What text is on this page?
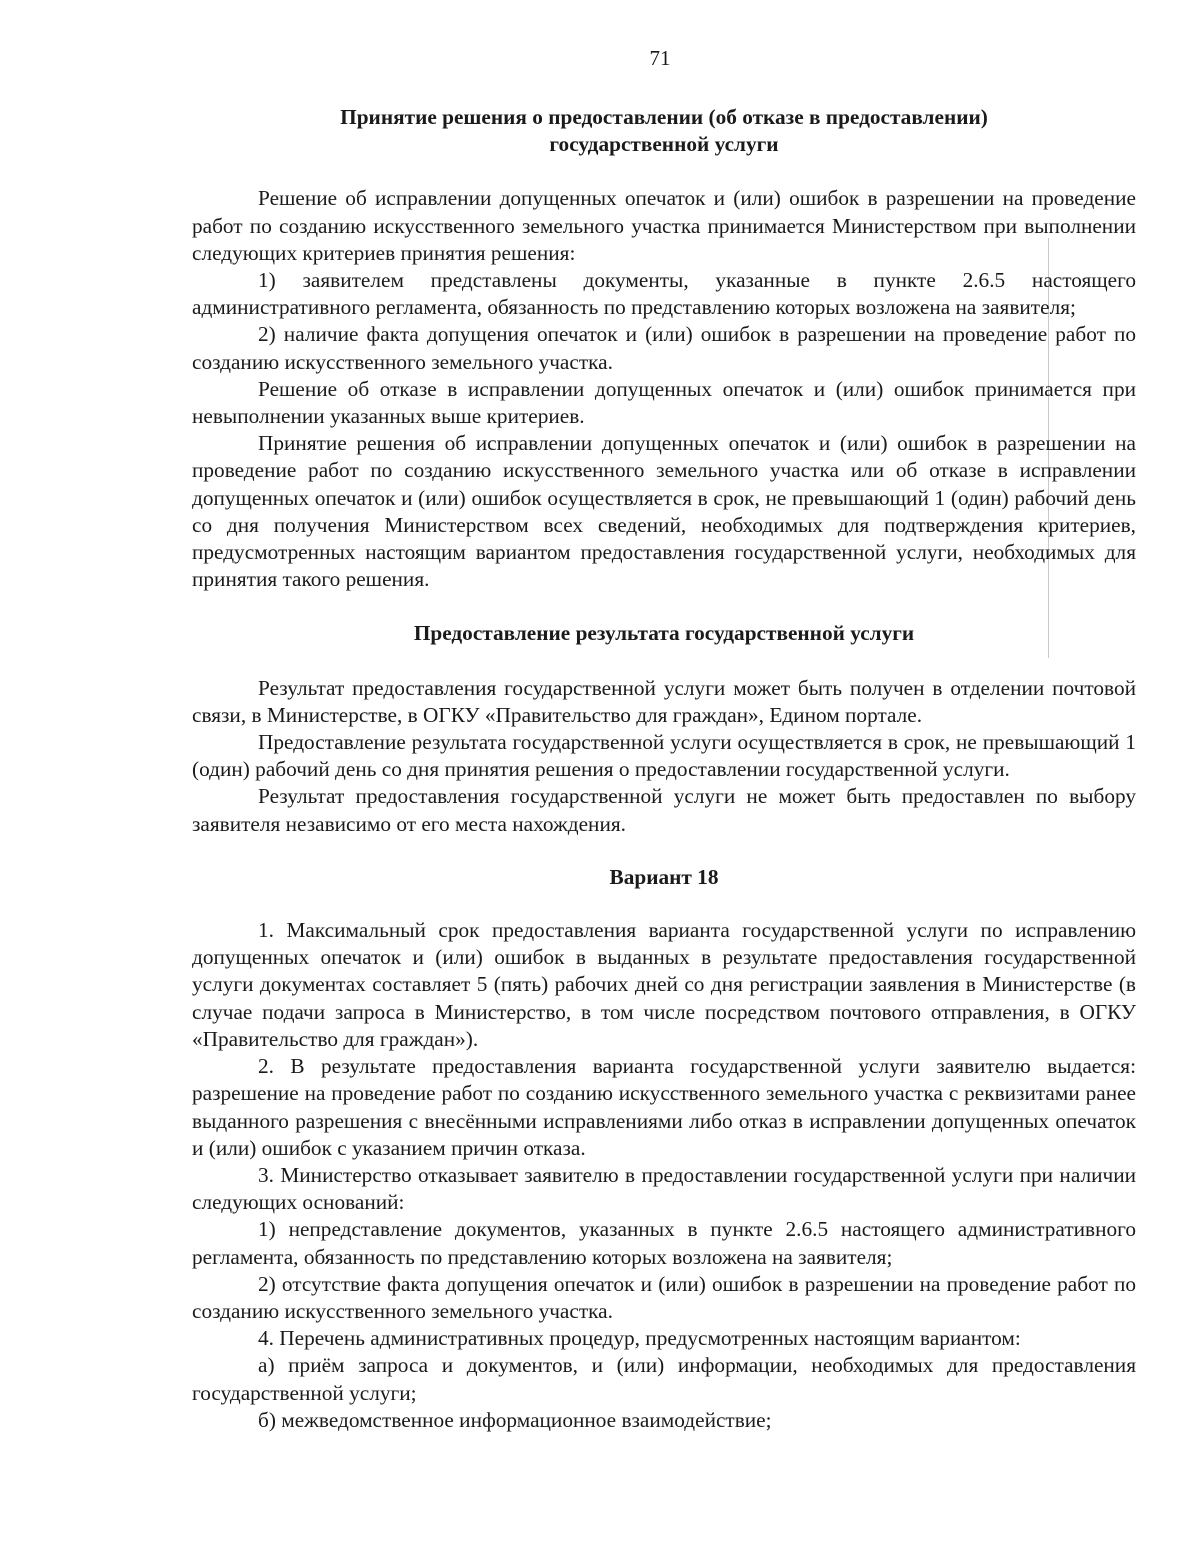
71

Принятие решения о предоставлении (об отказе в предоставлении)
государственной услуги

Решение об исправлении допущенных опечаток и (или) ошибок в разрешении на проведение работ по созданию искусственного земельного участка принимается Министерством при выполнении следующих критериев принятия решения:

1) заявителем представлены документы, указанные в пункте 2.6.5 настоящего административного регламента, обязанность по представлению которых возложена на заявителя;

2) наличие факта допущения опечаток и (или) ошибок в разрешении на проведение работ по созданию искусственного земельного участка.

Решение об отказе в исправлении допущенных опечаток и (или) ошибок принимается при невыполнении указанных выше критериев.

Принятие решения об исправлении допущенных опечаток и (или) ошибок в разрешении на проведение работ по созданию искусственного земельного участка или об отказе в исправлении допущенных опечаток и (или) ошибок осуществляется в срок, не превышающий 1 (один) рабочий день со дня получения Министерством всех сведений, необходимых для подтверждения критериев, предусмотренных настоящим вариантом предоставления государственной услуги, необходимых для принятия такого решения.

Предоставление результата государственной услуги

Результат предоставления государственной услуги может быть получен в отделении почтовой связи, в Министерстве, в ОГКУ «Правительство для граждан», Едином портале.

Предоставление результата государственной услуги осуществляется в срок, не превышающий 1 (один) рабочий день со дня принятия решения о предоставлении государственной услуги.

Результат предоставления государственной услуги не может быть предоставлен по выбору заявителя независимо от его места нахождения.

Вариант 18

1. Максимальный срок предоставления варианта государственной услуги по исправлению допущенных опечаток и (или) ошибок в выданных в результате предоставления государственной услуги документах составляет 5 (пять) рабочих дней со дня регистрации заявления в Министерстве (в случае подачи запроса в Министерство, в том числе посредством почтового отправления, в ОГКУ «Правительство для граждан»).

2. В результате предоставления варианта государственной услуги заявителю выдается: разрешение на проведение работ по созданию искусственного земельного участка с реквизитами ранее выданного разрешения с внесёнными исправлениями либо отказ в исправлении допущенных опечаток и (или) ошибок с указанием причин отказа.

3. Министерство отказывает заявителю в предоставлении государственной услуги при наличии следующих оснований:

1) непредставление документов, указанных в пункте 2.6.5 настоящего административного регламента, обязанность по представлению которых возложена на заявителя;

2) отсутствие факта допущения опечаток и (или) ошибок в разрешении на проведение работ по созданию искусственного земельного участка.

4. Перечень административных процедур, предусмотренных настоящим вариантом:

а) приём запроса и документов, и (или) информации, необходимых для предоставления государственной услуги;

б) межведомственное информационное взаимодействие;
